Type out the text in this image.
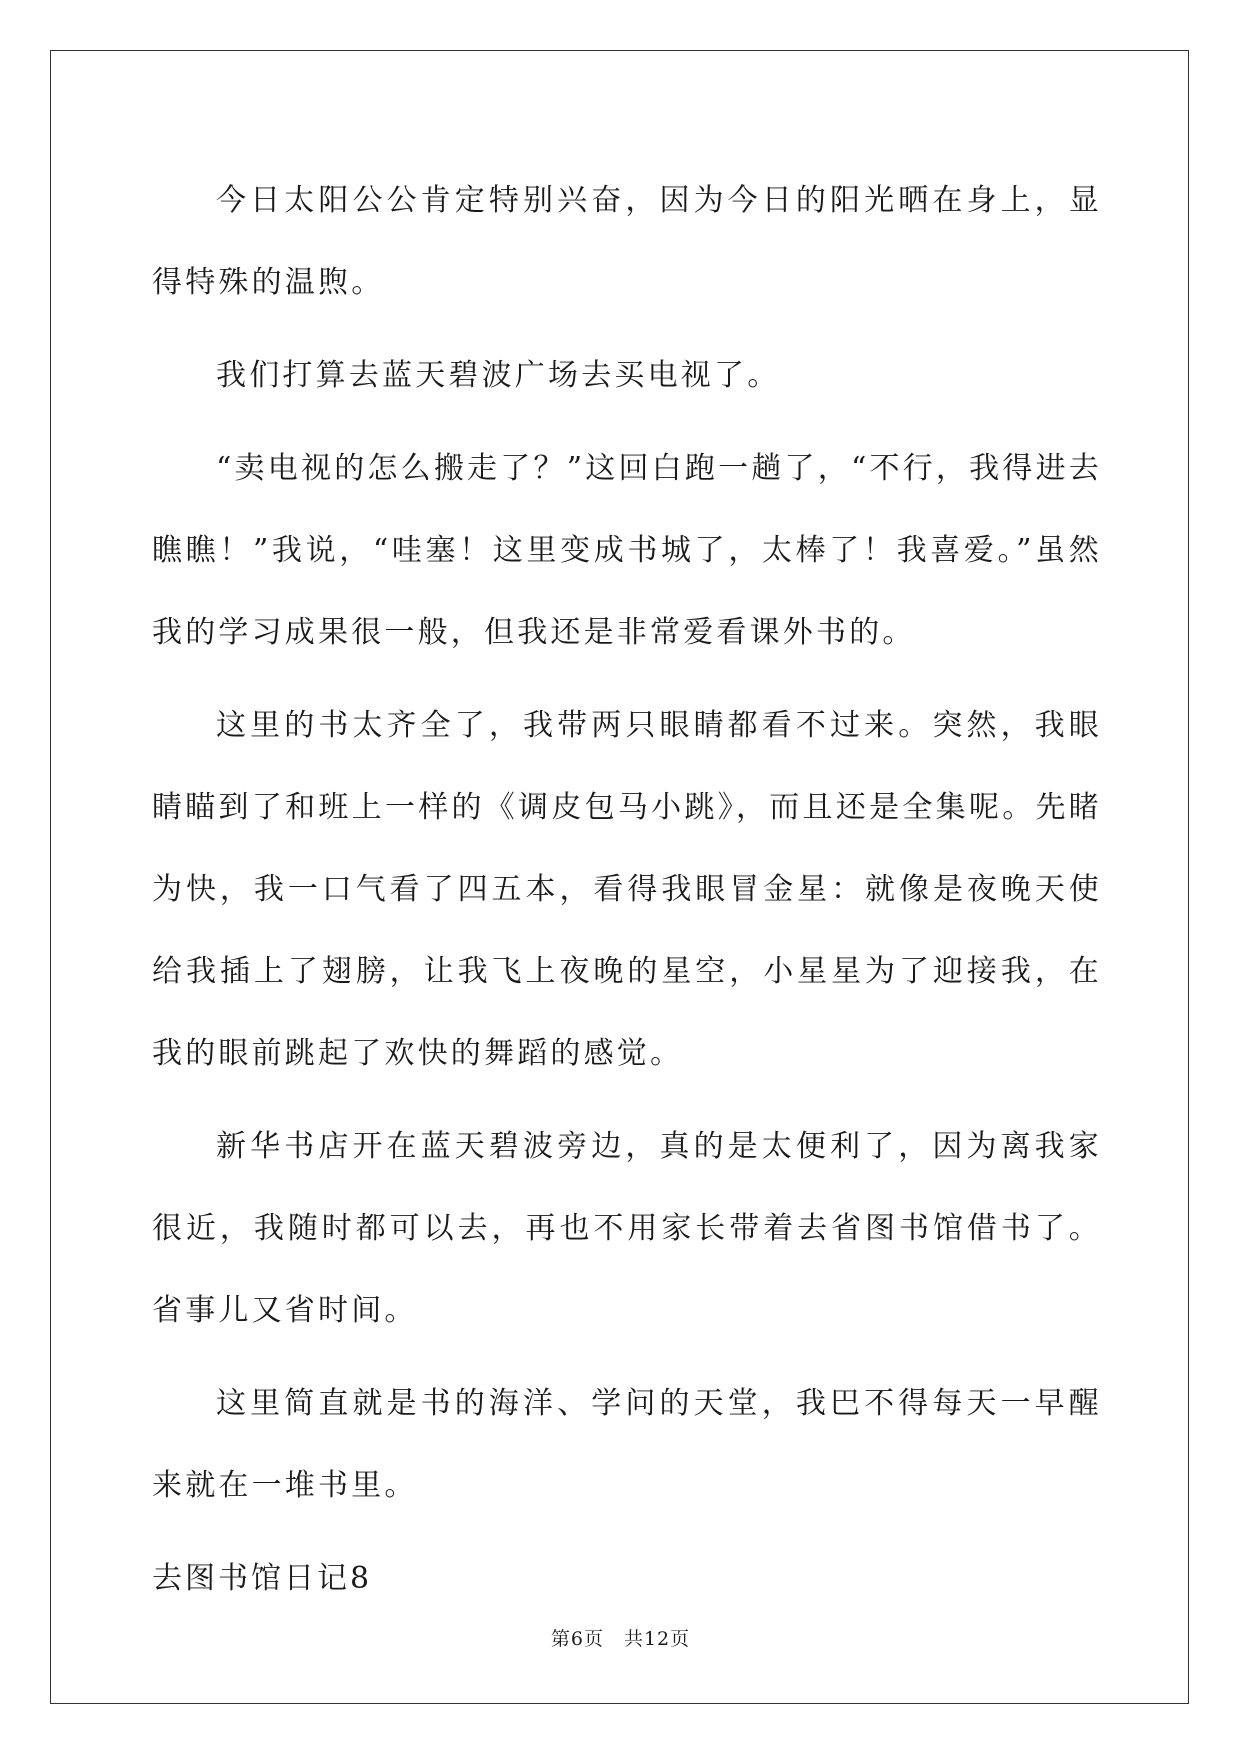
今日太阳公公肯定特别兴奋，因为今日的阳光晒在身上，显得特殊的温煦。

我们打算去蓝天碧波广场去买电视了。

“卖电视的怎么搬走了？”这回白跑一趟了，“不行，我得进去瞧瞧！”我说，“哇塞！这里变成书城了，太棒了！我喜爱。”虽然我的学习成果很一般，但我还是非常爱看课外书的。

这里的书太齐全了，我带两只眼睛都看不过来。突然，我眼睛瞄到了和班上一样的《调皮包马小跳》，而且还是全集呢。先睹为快，我一口气看了四五本，看得我眼冒金星：就像是夜晚天使给我插上了翅膀，让我飞上夜晚的星空，小星星为了迎接我，在我的眼前跳起了欢快的舞蹈的感觉。

新华书店开在蓝天碧波旁边，真的是太便利了，因为离我家很近，我随时都可以去，再也不用家长带着去省图书馆借书了。省事儿又省时间。

这里简直就是书的海洋、学问的天堂，我巴不得每天一早醒来就在一堆书里。

去图书馆日记8

第6页 共12页
